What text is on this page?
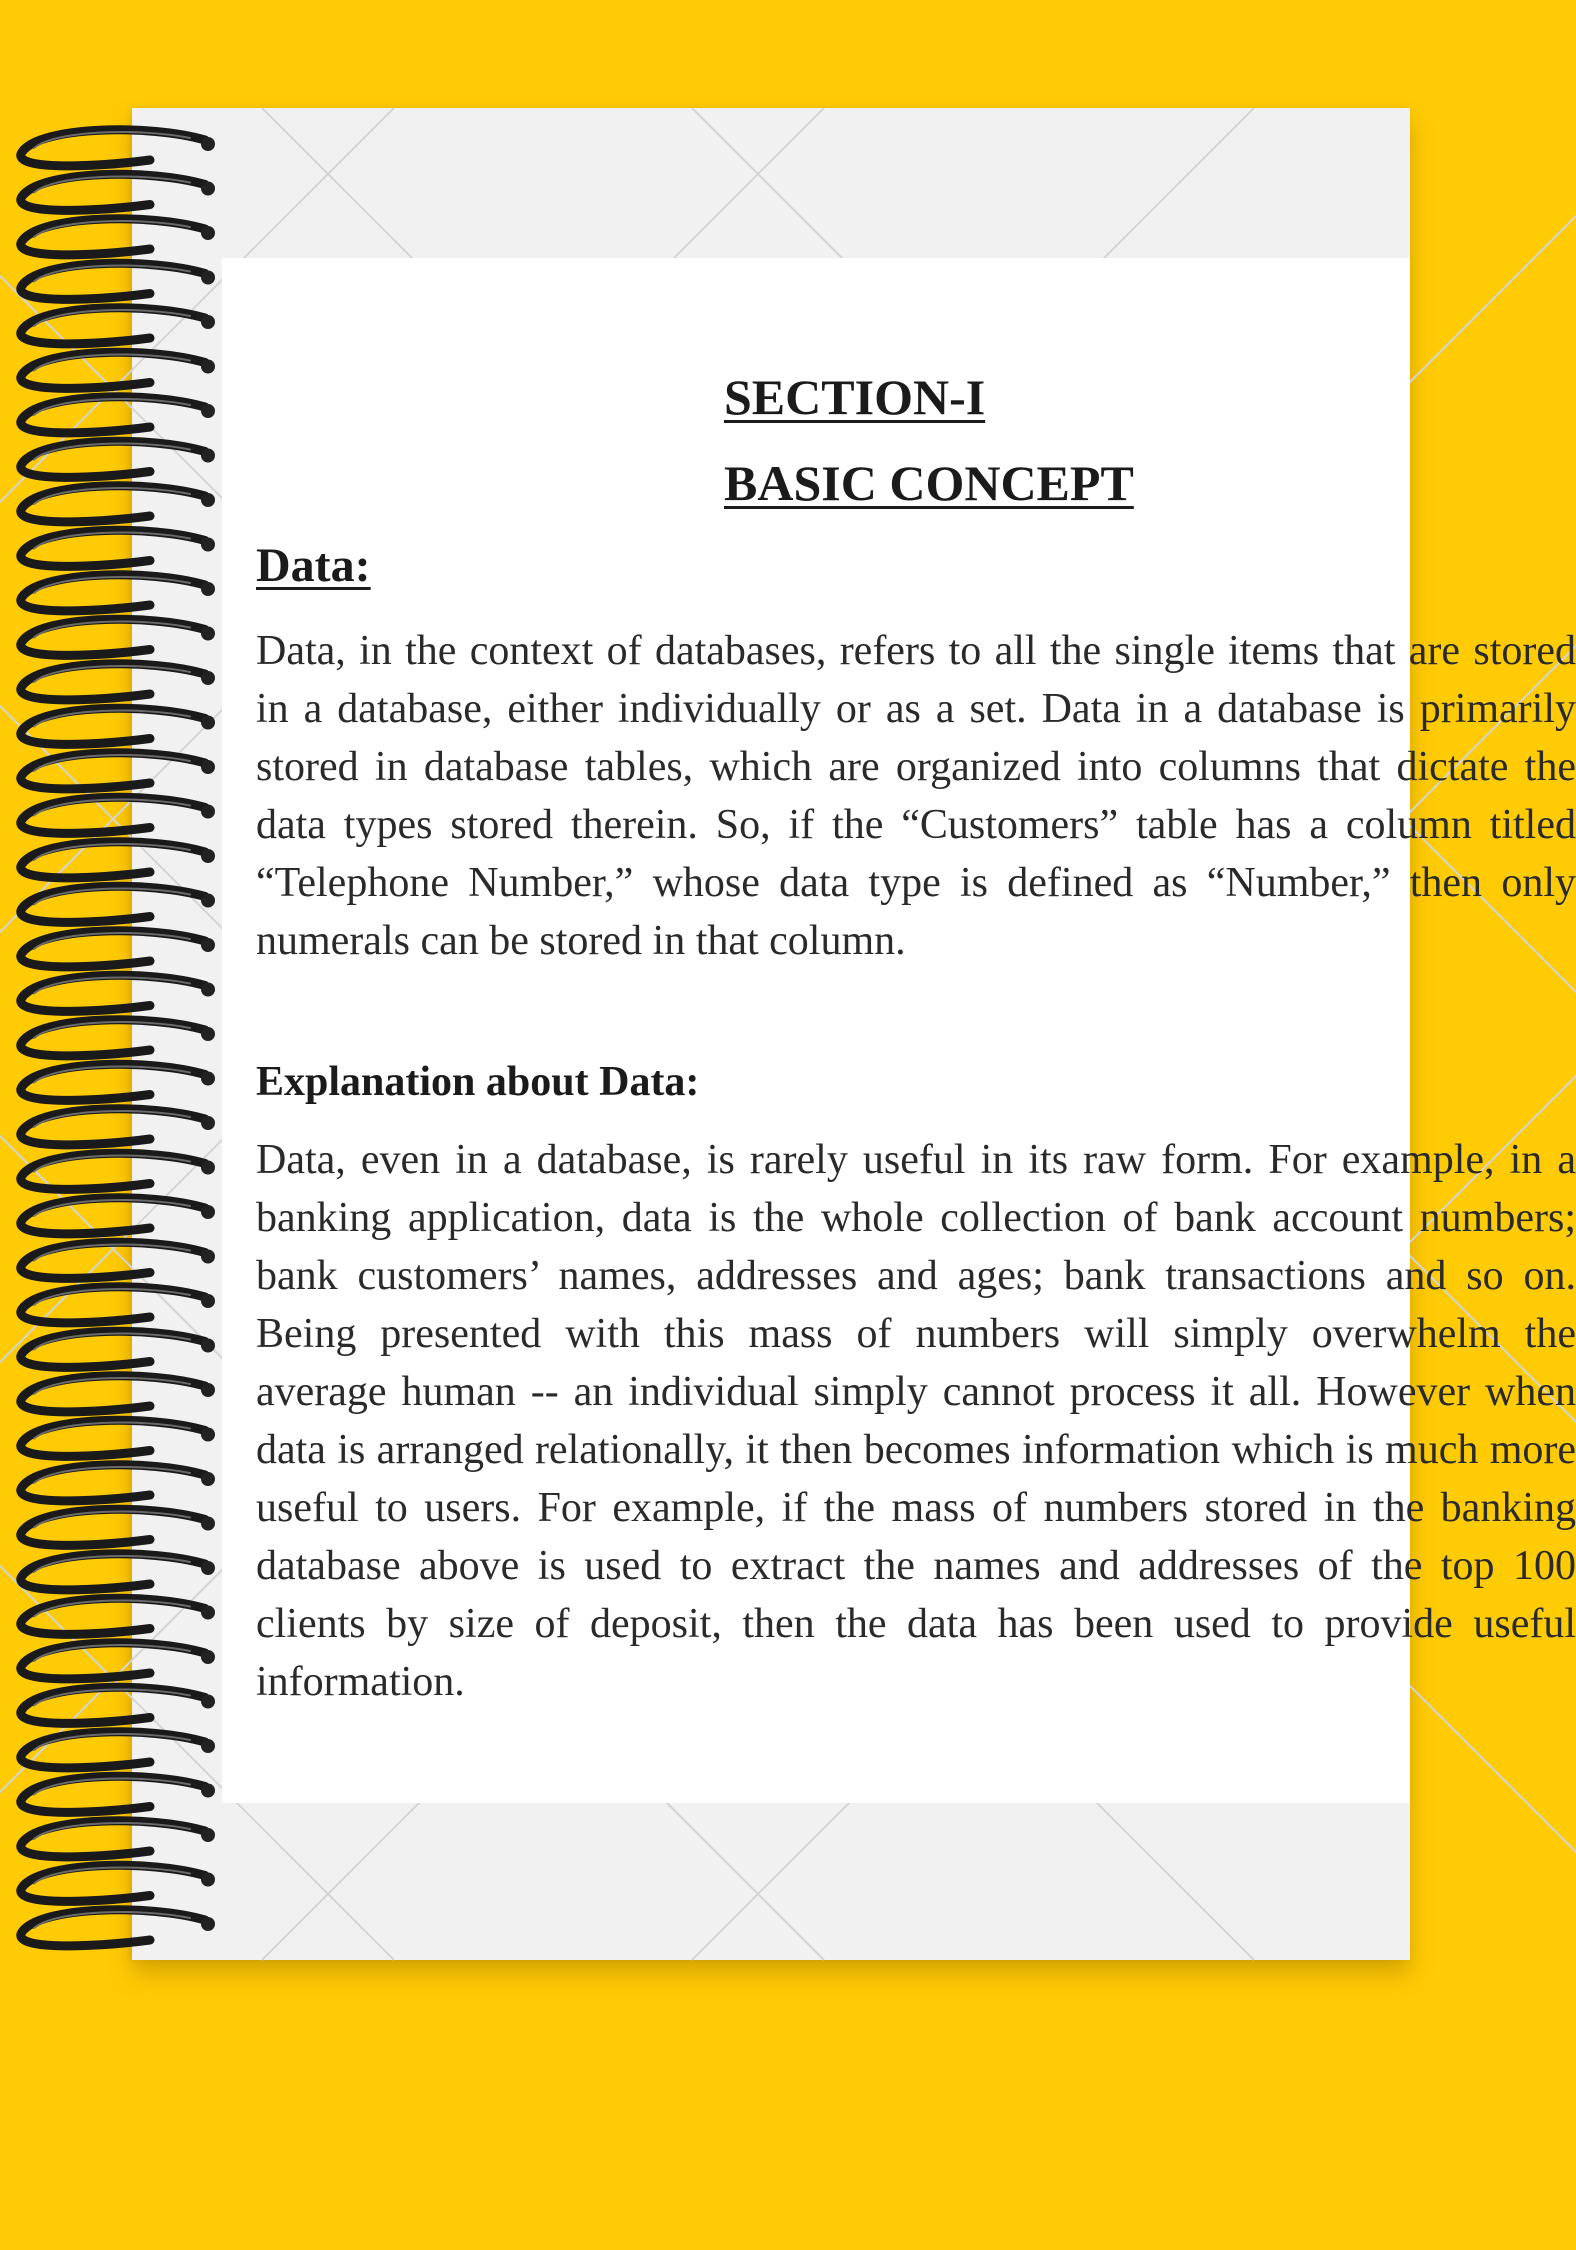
SECTION-I
BASIC CONCEPT
Data:

Data, in the context of databases, refers to all the single items that are stored in a database, either individually or as a set. Data in a database is primarily stored in database tables, which are organized into columns that dictate the data types stored therein. So, if the “Customers” table has a column titled “Telephone Number,” whose data type is defined as “Number,” then only numerals can be stored in that column.

Explanation about Data:

Data, even in a database, is rarely useful in its raw form. For example, in a banking application, data is the whole collection of bank account numbers; bank customers’ names, addresses and ages; bank transactions and so on. Being presented with this mass of numbers will simply overwhelm the average human -- an individual simply cannot process it all. However when data is arranged relationally, it then becomes information which is much more useful to users. For example, if the mass of numbers stored in the banking database above is used to extract the names and addresses of the top 100 clients by size of deposit, then the data has been used to provide useful information.
